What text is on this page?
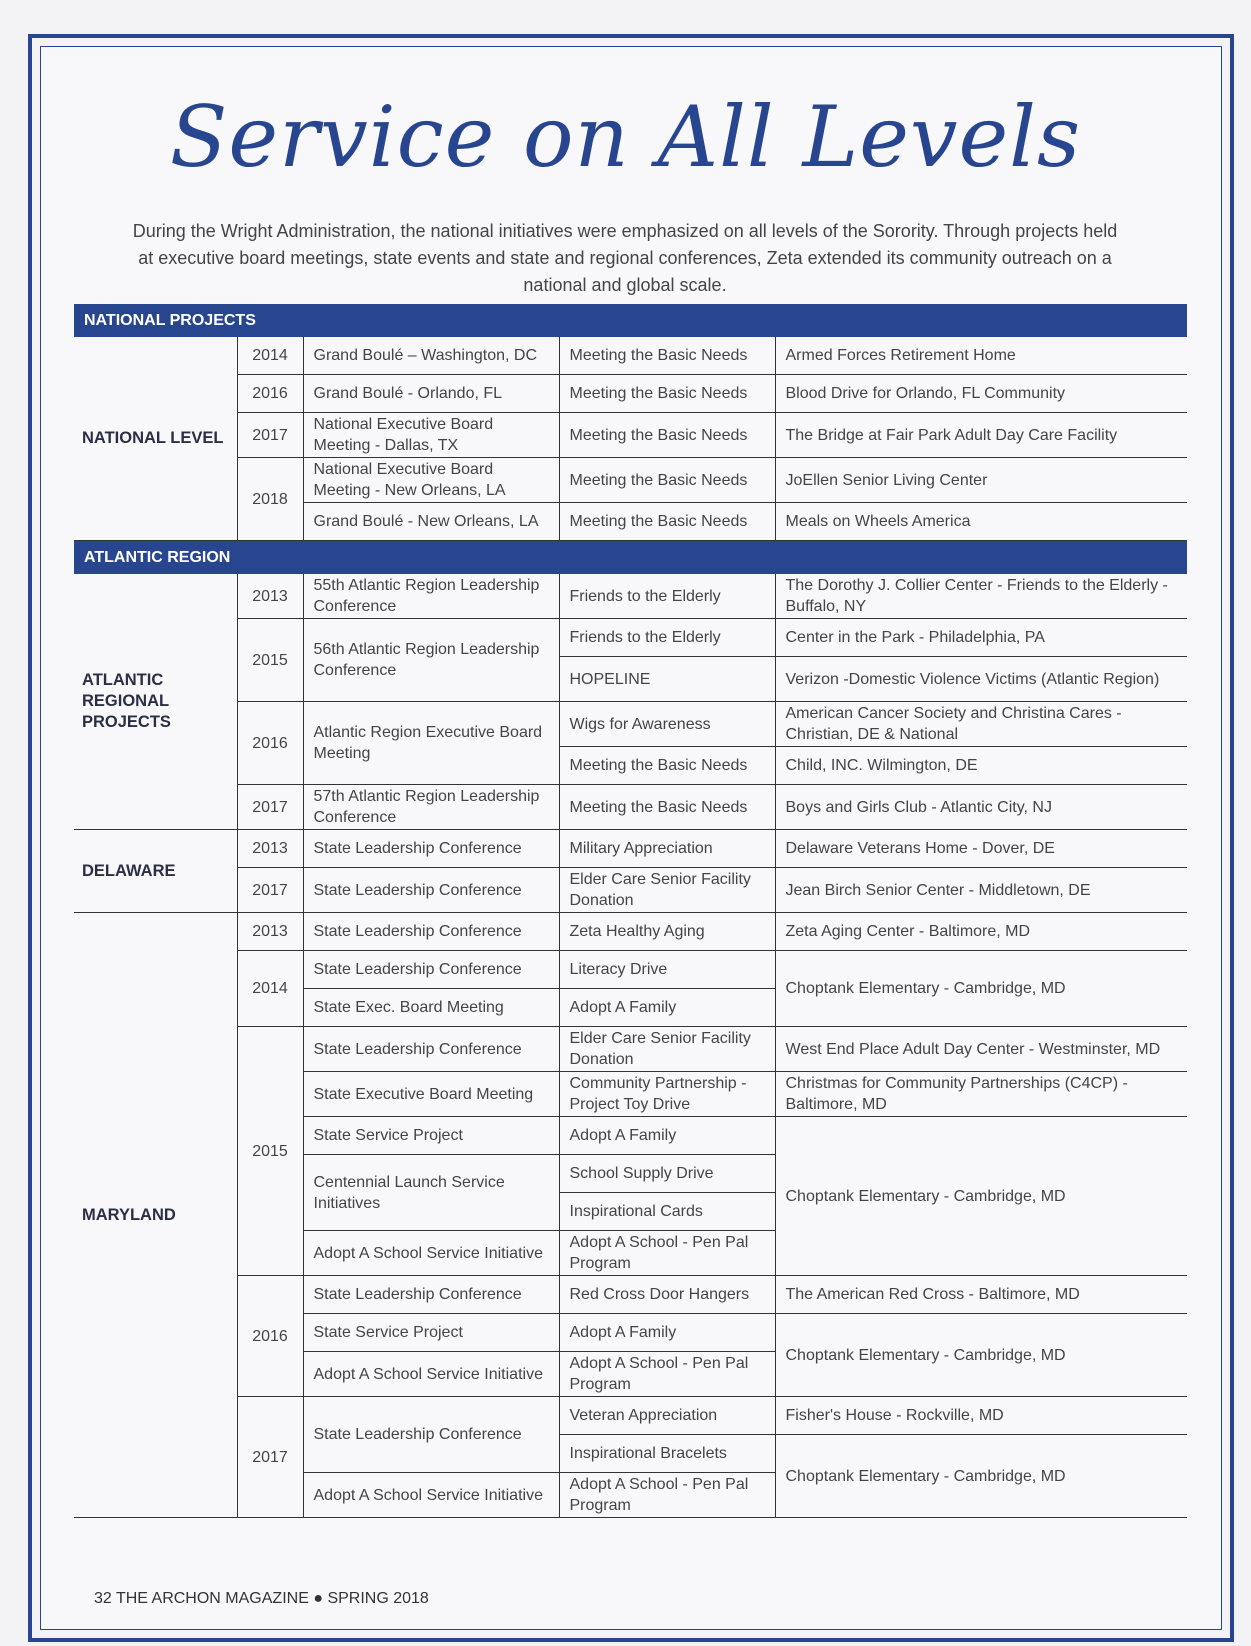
Service on All Levels
During the Wright Administration, the national initiatives were emphasized on all levels of the Sorority. Through projects held at executive board meetings, state events and state and regional conferences, Zeta extended its community outreach on a national and global scale.
NATIONAL PROJECTS				
NATIONAL LEVEL	2014	Grand Boulé – Washington, DC	Meeting the Basic Needs	Armed Forces Retirement Home
	2016	Grand Boulé - Orlando, FL	Meeting the Basic Needs	Blood Drive for Orlando, FL Community
	2017	National Executive Board Meeting - Dallas, TX	Meeting the Basic Needs	The Bridge at Fair Park Adult Day Care Facility
	2018	National Executive Board Meeting - New Orleans, LA	Meeting the Basic Needs	JoEllen Senior Living Center
		Grand Boulé - New Orleans, LA	Meeting the Basic Needs	Meals on Wheels America
ATLANTIC REGION				
ATLANTIC REGIONAL PROJECTS	2013	55th Atlantic Region Leadership Conference	Friends to the Elderly	The Dorothy J. Collier Center - Friends to the Elderly - Buffalo, NY
	2015	56th Atlantic Region Leadership Conference	Friends to the Elderly	Center in the Park - Philadelphia, PA
			HOPELINE	Verizon -Domestic Violence Victims (Atlantic Region)
	2016	Atlantic Region Executive Board Meeting	Wigs for Awareness	American Cancer Society and Christina Cares - Christian, DE & National
			Meeting the Basic Needs	Child, INC. Wilmington, DE
	2017	57th Atlantic Region Leadership Conference	Meeting the Basic Needs	Boys and Girls Club - Atlantic City, NJ
DELAWARE	2013	State Leadership Conference	Military Appreciation	Delaware Veterans Home - Dover, DE
	2017	State Leadership Conference	Elder Care Senior Facility Donation	Jean Birch Senior Center - Middletown, DE
MARYLAND	2013	State Leadership Conference	Zeta Healthy Aging	Zeta Aging Center - Baltimore, MD
	2014	State Leadership Conference	Literacy Drive	Choptank Elementary - Cambridge, MD
		State Exec. Board Meeting	Adopt A Family	
	2015	State Leadership Conference	Elder Care Senior Facility Donation	West End Place Adult Day Center - Westminster, MD
		State Executive Board Meeting	Community Partnership - Project Toy Drive	Christmas for Community Partnerships (C4CP) - Baltimore, MD
		State Service Project	Adopt A Family	Choptank Elementary - Cambridge, MD
		Centennial Launch Service Initiatives	School Supply Drive	
			Inspirational Cards	
		Adopt A School Service Initiative	Adopt A School - Pen Pal Program	
	2016	State Leadership Conference	Red Cross Door Hangers	The American Red Cross - Baltimore, MD
		State Service Project	Adopt A Family	Choptank Elementary - Cambridge, MD
		Adopt A School Service Initiative	Adopt A School - Pen Pal Program	
	2017	State Leadership Conference	Veteran Appreciation	Fisher's House - Rockville, MD
			Inspirational Bracelets	Choptank Elementary - Cambridge, MD
		Adopt A School Service Initiative	Adopt A School - Pen Pal Program	
32 THE ARCHON MAGAZINE ● SPRING 2018
